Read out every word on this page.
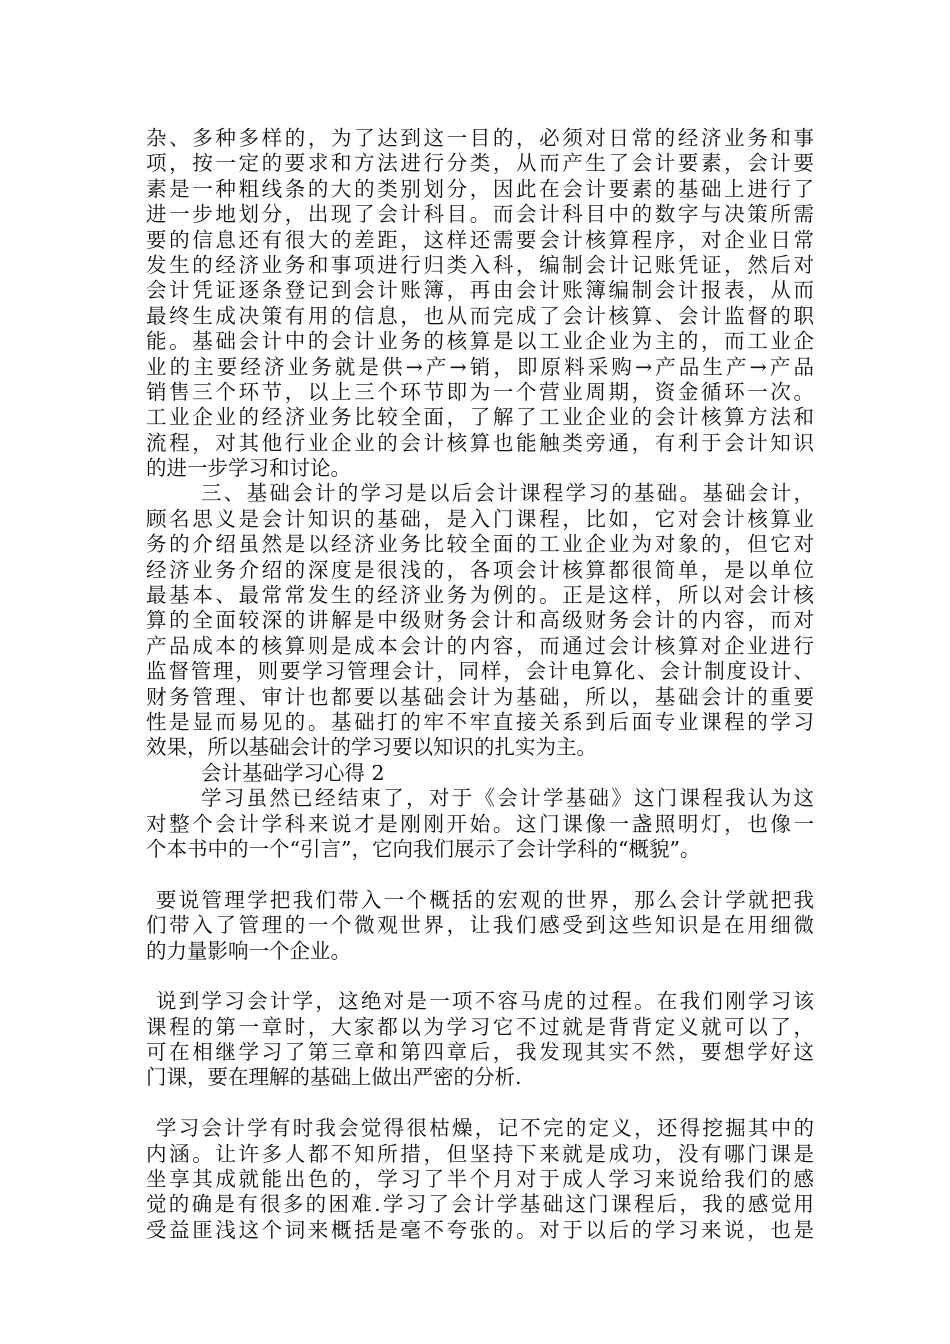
杂、多种多样的，为了达到这一目的，必须对日常的经济业务和事
项，按一定的要求和方法进行分类，从而产生了会计要素，会计要
素是一种粗线条的大的类别划分，因此在会计要素的基础上进行了
进一步地划分，出现了会计科目。而会计科目中的数字与决策所需
要的信息还有很大的差距，这样还需要会计核算程序，对企业日常
发生的经济业务和事项进行归类入科，编制会计记账凭证，然后对
会计凭证逐条登记到会计账簿，再由会计账簿编制会计报表，从而
最终生成决策有用的信息，也从而完成了会计核算、会计监督的职
能。基础会计中的会计业务的核算是以工业企业为主的，而工业企
业的主要经济业务就是供→产→销，即原料采购→产品生产→产品
销售三个环节，以上三个环节即为一个营业周期，资金循环一次。
工业企业的经济业务比较全面，了解了工业企业的会计核算方法和
流程，对其他行业企业的会计核算也能触类旁通，有利于会计知识
的进一步学习和讨论。
三、基础会计的学习是以后会计课程学习的基础。基础会计，
顾名思义是会计知识的基础，是入门课程，比如，它对会计核算业
务的介绍虽然是以经济业务比较全面的工业企业为对象的，但它对
经济业务介绍的深度是很浅的，各项会计核算都很简单，是以单位
最基本、最常常发生的经济业务为例的。正是这样，所以对会计核
算的全面较深的讲解是中级财务会计和高级财务会计的内容，而对
产品成本的核算则是成本会计的内容，而通过会计核算对企业进行
监督管理，则要学习管理会计，同样，会计电算化、会计制度设计、
财务管理、审计也都要以基础会计为基础，所以，基础会计的重要
性是显而易见的。基础打的牢不牢直接关系到后面专业课程的学习
效果，所以基础会计的学习要以知识的扎实为主。
会计基础学习心得 2
学习虽然已经结束了，对于《会计学基础》这门课程我认为这
对整个会计学科来说才是刚刚开始。这门课像一盏照明灯，也像一
个本书中的一个“引言”，它向我们展示了会计学科的“概貌”。
要说管理学把我们带入一个概括的宏观的世界，那么会计学就把我
们带入了管理的一个微观世界，让我们感受到这些知识是在用细微
的力量影响一个企业。
说到学习会计学，这绝对是一项不容马虎的过程。在我们刚学习该
课程的第一章时，大家都以为学习它不过就是背背定义就可以了，
可在相继学习了第三章和第四章后，我发现其实不然，要想学好这
门课，要在理解的基础上做出严密的分析.
学习会计学有时我会觉得很枯燥，记不完的定义，还得挖掘其中的
内涵。让许多人都不知所措，但坚持下来就是成功，没有哪门课是
坐享其成就能出色的，学习了半个月对于成人学习来说给我们的感
觉的确是有很多的困难.学习了会计学基础这门课程后，我的感觉用
受益匪浅这个词来概括是毫不夸张的。对于以后的学习来说，也是
